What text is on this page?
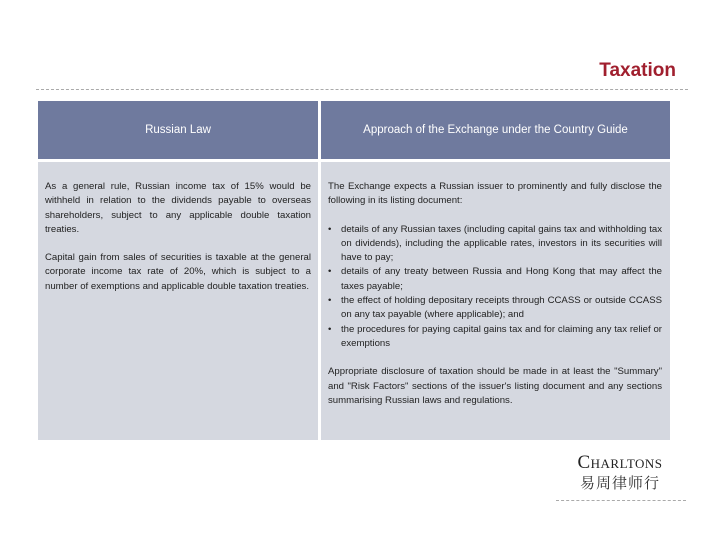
Taxation
Russian Law	Approach of the Exchange under the Country Guide

As a general rule, Russian income tax of 15% would be withheld in relation to the dividends payable to overseas shareholders, subject to any applicable double taxation treaties.

Capital gain from sales of securities is taxable at the general corporate income tax rate of 20%, which is subject to a number of exemptions and applicable double taxation treaties.

The Exchange expects a Russian issuer to prominently and fully disclose the following in its listing document:

• details of any Russian taxes (including capital gains tax and withholding tax on dividends), including the applicable rates, investors in its securities will have to pay;
• details of any treaty between Russia and Hong Kong that may affect the taxes payable;
• the effect of holding depositary receipts through CCASS or outside CCASS on any tax payable (where applicable); and
• the procedures for paying capital gains tax and for claiming any tax relief or exemptions

Appropriate disclosure of taxation should be made in at least the "Summary" and "Risk Factors" sections of the issuer's listing document and any sections summarising Russian laws and regulations.

Charltons
易周律师行
